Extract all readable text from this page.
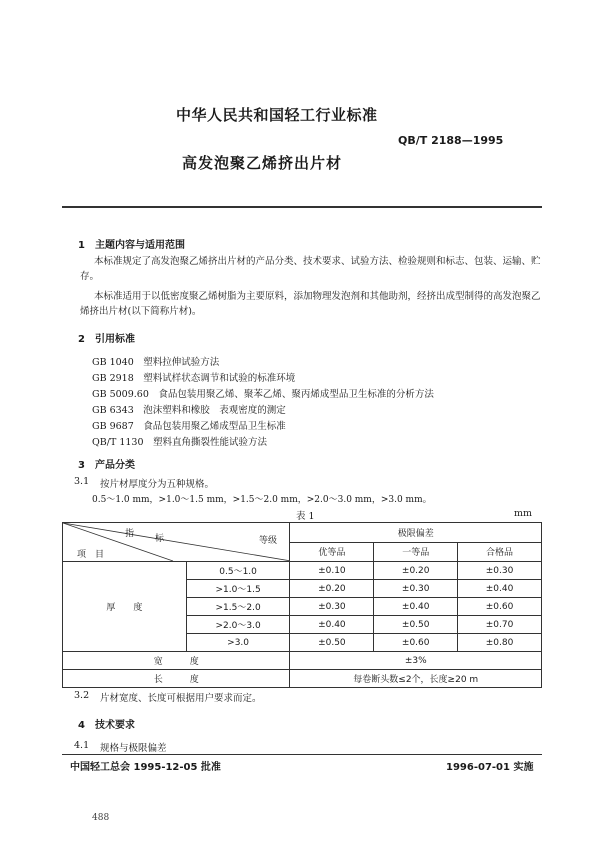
中华人民共和国轻工行业标准
QB/T 2188—1995
高发泡聚乙烯挤出片材
1　主题内容与适用范围
本标准规定了高发泡聚乙烯挤出片材的产品分类、技术要求、试验方法、检验规则和标志、包装、运输、贮存。
本标准适用于以低密度聚乙烯树脂为主要原料，添加物理发泡剂和其他助剂，经挤出成型制得的高发泡聚乙烯挤出片材(以下简称片材)。
2　引用标准
GB 1040　塑料拉伸试验方法
GB 2918　塑料试样状态调节和试验的标准环境
GB 5009.60　食品包装用聚乙烯、聚苯乙烯、聚丙烯成型品卫生标准的分析方法
GB 6343　泡沫塑料和橡胶　表观密度的测定
GB 9687　食品包装用聚乙烯成型品卫生标准
QB/T 1130　塑料直角撕裂性能试验方法
3　产品分类
3.1 按片材厚度分为五种规格。
0.5～1.0 mm，>1.0～1.5 mm，>1.5～2.0 mm，>2.0～3.0 mm，>3.0 mm。
表 1	mm
指 标 等级
项　目		极限偏差		
		优等品	一等品	合格品
厚　　度	0.5～1.0	±0.10	±0.20	±0.30
	>1.0～1.5	±0.20	±0.30	±0.40
	>1.5～2.0	±0.30	±0.40	±0.60
	>2.0～3.0	±0.40	±0.50	±0.70
	>3.0	±0.50	±0.60	±0.80
宽　　　度		±3%		
长　　　度		每卷断头数≤2个，长度≥20 m		
3.2 片材宽度、长度可根据用户要求而定。
4　技术要求
4.1 规格与极限偏差
中国轻工总会 1995-12-05 批准	1996-07-01 实施
488
